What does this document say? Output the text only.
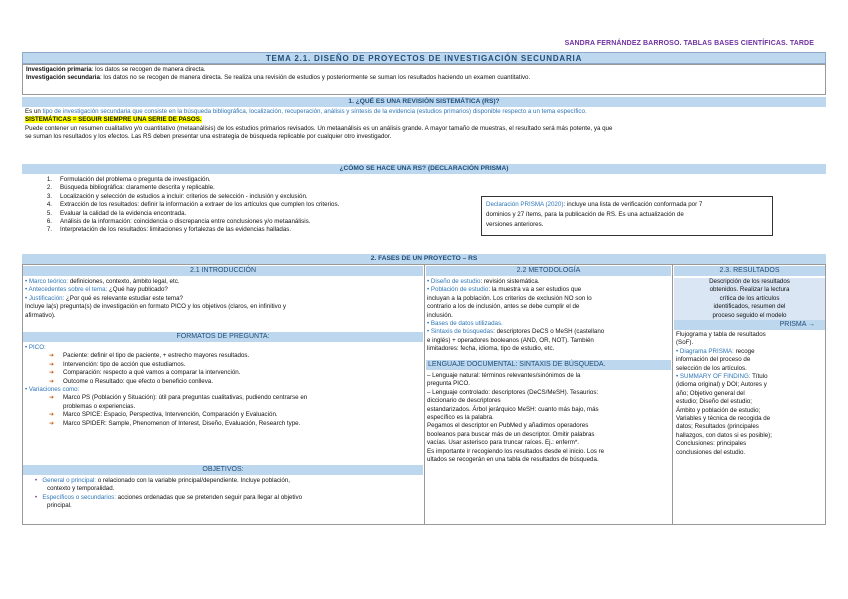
SANDRA FERNÁNDEZ BARROSO. TABLAS BASES CIENTÍFICAS. TARDE
TEMA 2.1. DISEÑO DE PROYECTOS DE INVESTIGACIÓN SECUNDARIA
Investigación primaria: los datos se recogen de manera directa.
Investigación secundaria: los datos no se recogen de manera directa. Se realiza una revisión de estudios y posteriormente se suman los resultados haciendo un examen cuantitativo.
1. ¿QUÉ ES UNA REVISIÓN SISTEMÁTICA (RS)?
Es un tipo de investigación secundaria que consiste en la búsqueda bibliográfica, localización, recuperación, análisis y síntesis de la evidencia (estudios primarios) disponible respecto a un tema específico.
SISTEMÁTICAS = SEGUIR SIEMPRE UNA SERIE DE PASOS.
Puede contener un resumen cualitativo y/o cuantitativo (metaanálisis) de los estudios primarios revisados. Un metaanálisis es un análisis grande. A mayor tamaño de muestras, el resultado será más potente, ya que
se suman los resultados y los efectos. Las RS deben presentar una estrategia de búsqueda replicable por cualquier otro investigador.
¿CÓMO SE HACE UNA RS? (DECLARACIÓN PRISMA)
1. Formulación del problema o pregunta de investigación.
2. Búsqueda bibliográfica: claramente descrita y replicable.
3. Localización y selección de estudios a incluir: criterios de selección - inclusión y exclusión.
4. Extracción de los resultados: definir la información a extraer de los artículos que cumplen los criterios.
5. Evaluar la calidad de la evidencia encontrada.
6. Análisis de la información: coincidencia o discrepancia entre conclusiones y/o metaanálisis.
7. Interpretación de los resultados: limitaciones y fortalezas de las evidencias halladas.
Declaración PRISMA (2020): incluye una lista de verificación conformada por 7
dominios y 27 ítems, para la publicación de RS. Es una actualización de
versiones anteriores.
2. FASES DE UN PROYECTO – RS
2.1 INTRODUCCIÓN	2.2 METODOLOGÍA	2.3. RESULTADOS
• Marco teórico: definiciones, contexto, ámbito legal, etc.
• Antecedentes sobre el tema: ¿Qué hay publicado?
• Justificación: ¿Por qué es relevante estudiar este tema?
Incluye la(s) pregunta(s) de investigación en formato PICO y los objetivos (claros, en infinitivo y
afirmativo).
FORMATOS DE PREGUNTA:
• PICO:
➔ Paciente: definir el tipo de paciente, + estrecho mayores resultados.
➔ Intervención: tipo de acción que estudiamos.
➔ Comparación: respecto a qué vamos a comparar la intervención.
➔ Outcome o Resultado: que efecto o beneficio conlleva.
• Variaciones como:
➔ Marco PS (Población y Situación): útil para preguntas cualitativas, pudiendo centrarse en
problemas o experiencias.
➔ Marco SPICE: Espacio, Perspectiva, Intervención, Comparación y Evaluación.
➔ Marco SPIDER: Sample, Phenomenon of Interest, Diseño, Evaluación, Research type.
OBJETIVOS:
• General o principal: o relacionado con la variable principal/dependiente. Incluye población,
contexto y temporalidad.
• Específicos o secundarios: acciones ordenadas que se pretenden seguir para llegar al objetivo
principal.
• Diseño de estudio: revisión sistemática.
• Población de estudio: la muestra va a ser estudios que
incluyan a la población. Los criterios de exclusión NO son lo
contrario a los de inclusión, antes se debe cumplir el de
inclusión.
• Bases de datos utilizadas.
• Sintaxis de búsquedas: descriptores DeCS o MeSH (castellano
e inglés) + operadores booleanos (AND, OR, NOT). También
limitadores: fecha, idioma, tipo de estudio, etc.
LENGUAJE DOCUMENTAL: SINTAXIS DE BÚSQUEDA.
– Lenguaje natural: términos relevantes/sinónimos de la
pregunta PICO.
– Lenguaje controlado: descriptores (DeCS/MeSH). Tesaurios:
diccionario de descriptores
estandarizados. Árbol jerárquico MeSH: cuanto más bajo, más
específico es la palabra.
Pegamos el descriptor en PubMed y añadimos operadores
booleanos para buscar más de un descriptor. Omitir palabras
vacías. Usar asterisco para truncar raíces. Ej.: enferm*.
Es importante ir recogiendo los resultados desde el inicio. Los re
ultados se recogerán en una tabla de resultados de búsqueda.
Descripción de los resultados
obtenidos. Realizar la lectura
crítica de los artículos
identificados, resumen del
proceso seguido el modelo
PRISMA →
Flujograma y tabla de resultados
(SoF).
• Diagrama PRISMA: recoge
información del proceso de
selección de los artículos.
• SUMMARY OF FINDING: Título
(idioma original) y DOI; Autores y
año; Objetivo general del
estudio; Diseño del estudio;
Ámbito y población de estudio;
Variables y técnica de recogida de
datos; Resultados (principales
hallazgos, con datos si es posible);
Conclusiones: principales
conclusiones del estudio.
